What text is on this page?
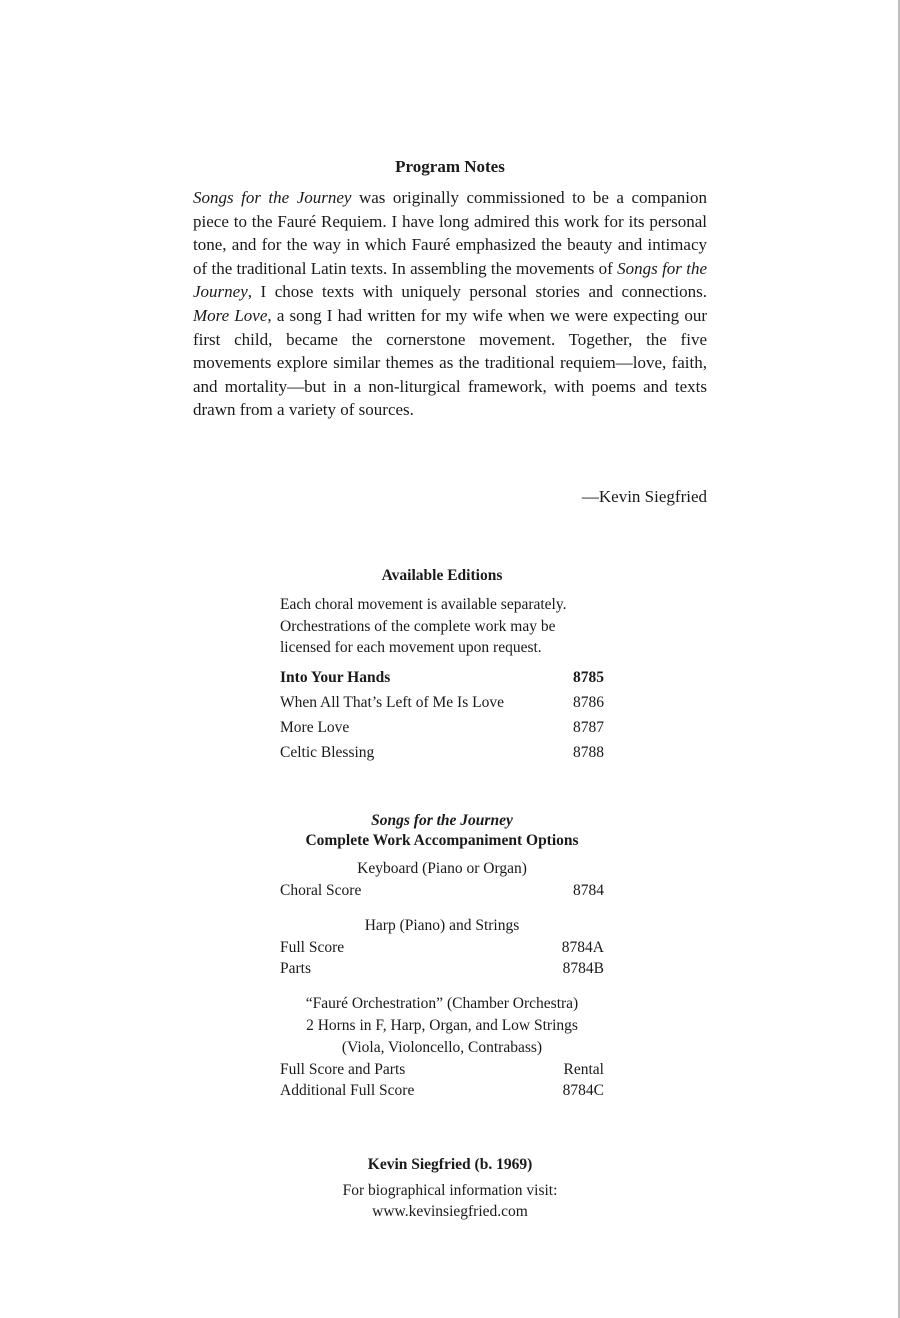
Program Notes

Songs for the Journey was originally commissioned to be a companion piece to the Fauré Requiem. I have long admired this work for its personal tone, and for the way in which Fauré emphasized the beauty and intimacy of the traditional Latin texts. In assembling the movements of Songs for the Journey, I chose texts with uniquely personal stories and connections. More Love, a song I had written for my wife when we were expecting our first child, became the cornerstone movement. Together, the five movements explore similar themes as the traditional requiem—love, faith, and mortality—but in a non-liturgical framework, with poems and texts drawn from a variety of sources.

—Kevin Siegfried
Available Editions
Each choral movement is available separately.
Orchestrations of the complete work may be
licensed for each movement upon request.
Into Your Hands	8785
When All That’s Left of Me Is Love	8786
More Love	8787
Celtic Blessing	8788
Songs for the Journey
Complete Work Accompaniment Options
Keyboard (Piano or Organ)
Choral Score	8784
Harp (Piano) and Strings
Full Score	8784A
Parts	8784B
“Fauré Orchestration” (Chamber Orchestra)
2 Horns in F, Harp, Organ, and Low Strings
(Viola, Violoncello, Contrabass)
Full Score and Parts	Rental
Additional Full Score	8784C
Kevin Siegfried (b. 1969)
For biographical information visit:
www.kevinsiegfried.com
